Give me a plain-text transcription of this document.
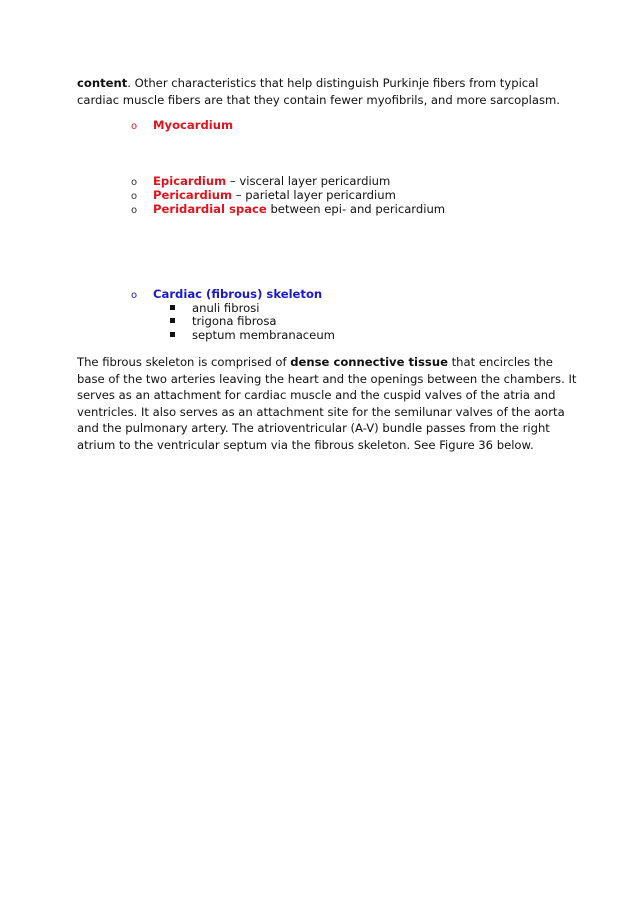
content. Other characteristics that help distinguish Purkinje fibers from typical cardiac muscle fibers are that they contain fewer myofibrils, and more sarcoplasm.

o Myocardium
o Epicardium – visceral layer pericardium
o Pericardium – parietal layer pericardium
o Peridardial space between epi- and pericardium
o Cardiac (fibrous) skeleton
anuli fibrosi
trigona fibrosa
septum membranaceum

The fibrous skeleton is comprised of dense connective tissue that encircles the base of the two arteries leaving the heart and the openings between the chambers. It serves as an attachment for cardiac muscle and the cuspid valves of the atria and ventricles. It also serves as an attachment site for the semilunar valves of the aorta and the pulmonary artery. The atrioventricular (A-V) bundle passes from the right atrium to the ventricular septum via the fibrous skeleton. See Figure 36 below.
